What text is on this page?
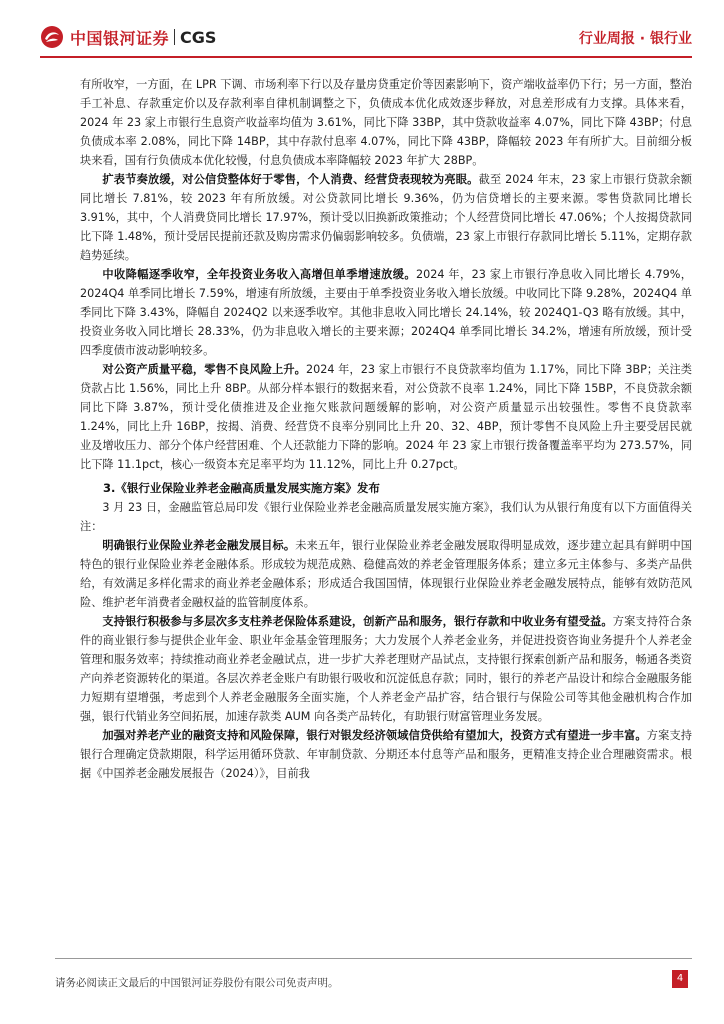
中国银河证券 CGS	行业周报 · 银行业

有所收窄，一方面，在 LPR 下调、市场利率下行以及存量房贷重定价等因素影响下，资产端收益率仍下行；另一方面，整治手工补息、存款重定价以及存款利率自律机制调整之下，负债成本优化成效逐步释放，对息差形成有力支撑。具体来看，2024 年 23 家上市银行生息资产收益率均值为 3.61%，同比下降 33BP，其中贷款收益率 4.07%，同比下降 43BP；付息负债成本率 2.08%，同比下降 14BP，其中存款付息率 4.07%，同比下降 43BP，降幅较 2023 年有所扩大。目前细分板块来看，国有行负债成本优化较慢，付息负债成本率降幅较 2023 年扩大 28BP。

扩表节奏放缓，对公信贷整体好于零售，个人消费、经营贷表现较为亮眼。截至 2024 年末，23 家上市银行贷款余额同比增长 7.81%，较 2023 年有所放缓。对公贷款同比增长 9.36%，仍为信贷增长的主要来源。零售贷款同比增长 3.91%，其中，个人消费贷同比增长 17.97%，预计受以旧换新政策推动；个人经营贷同比增长 47.06%；个人按揭贷款同比下降 1.48%，预计受居民提前还款及购房需求仍偏弱影响较多。负债端，23 家上市银行存款同比增长 5.11%，定期存款趋势延续。

中收降幅逐季收窄，全年投资业务收入高增但单季增速放缓。2024 年，23 家上市银行净息收入同比增长 4.79%，2024Q4 单季同比增长 7.59%，增速有所放缓，主要由于单季投资业务收入增长放缓。中收同比下降 9.28%，2024Q4 单季同比下降 3.43%，降幅自 2024Q2 以来逐季收窄。其他非息收入同比增长 24.14%，较 2024Q1-Q3 略有放缓。其中，投资业务收入同比增长 28.33%，仍为非息收入增长的主要来源；2024Q4 单季同比增长 34.2%，增速有所放缓，预计受四季度债市波动影响较多。

对公资产质量平稳，零售不良风险上升。2024 年，23 家上市银行不良贷款率均值为 1.17%，同比下降 3BP；关注类贷款占比 1.56%，同比上升 8BP。从部分样本银行的数据来看，对公贷款不良率 1.24%，同比下降 15BP，不良贷款余额同比下降 3.87%，预计受化债推进及企业拖欠账款问题缓解的影响，对公资产质量显示出较强性。零售不良贷款率 1.24%，同比上升 16BP，按揭、消费、经营贷不良率分别同比上升 20、32、4BP，预计零售不良风险上升主要受居民就业及增收压力、部分个体户经营困难、个人还款能力下降的影响。2024 年 23 家上市银行拨备覆盖率平均为 273.57%，同比下降 11.1pct，核心一级资本充足率平均为 11.12%，同比上升 0.27pct。

3.《银行业保险业养老金融高质量发展实施方案》发布

3 月 23 日，金融监管总局印发《银行业保险业养老金融高质量发展实施方案》，我们认为从银行角度有以下方面值得关注：

明确银行业保险业养老金融发展目标。未来五年，银行业保险业养老金融发展取得明显成效，逐步建立起具有鲜明中国特色的银行业保险业养老金融体系。形成较为规范成熟、稳健高效的养老金管理服务体系；建立多元主体参与、多类产品供给，有效满足多样化需求的商业养老金融体系；形成适合我国国情，体现银行业保险业养老金融发展特点，能够有效防范风险、维护老年消费者金融权益的监管制度体系。

支持银行积极参与多层次多支柱养老保险体系建设，创新产品和服务，银行存款和中收业务有望受益。方案支持符合条件的商业银行参与提供企业年金、职业年金基金管理服务；大力发展个人养老金业务，并促进投资咨询业务提升个人养老金管理和服务效率；持续推动商业养老金融试点，进一步扩大养老理财产品试点，支持银行探索创新产品和服务，畅通各类资产向养老资源转化的渠道。各层次养老金账户有助银行吸收和沉淀低息存款；同时，银行的养老产品设计和综合金融服务能力短期有望增强，考虑到个人养老金融服务全面实施，个人养老金产品扩容，结合银行与保险公司等其他金融机构合作加强，银行代销业务空间拓展，加速存款类 AUM 向各类产品转化，有助银行财富管理业务发展。

加强对养老产业的融资支持和风险保障，银行对银发经济领域信贷供给有望加大，投资方式有望进一步丰富。方案支持银行合理确定贷款期限，科学运用循环贷款、年审制贷款、分期还本付息等产品和服务，更精准支持企业合理融资需求。根据《中国养老金融发展报告（2024）》，目前我

请务必阅读正文最后的中国银河证券股份有限公司免责声明。	4
